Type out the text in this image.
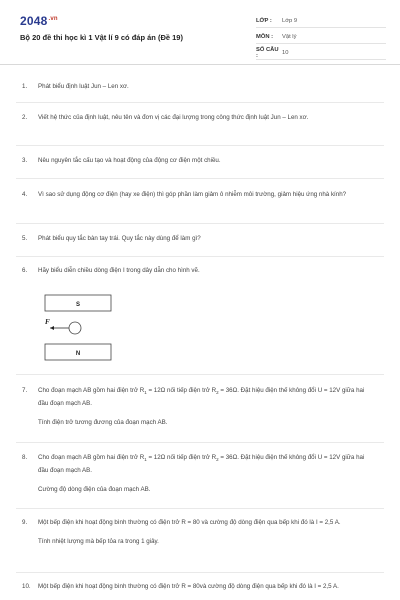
$2048^{.vn}$
Bộ 20 đề thi học kì 1 Vật lí 9 có đáp án (Đề 19)
LỚP :	Lớp 9
MÔN :	Vật lý
SỐ CÂU :	10
1.	Phát biểu định luật Jun – Len xơ.

2.	Viết hệ thức của định luật, nêu tên và đơn vị các đại lượng trong công thức định luật Jun – Len xơ.

3.	Nêu nguyên tắc cấu tạo và hoạt động của động cơ điện một chiều.

4.	Vì sao sử dụng động cơ điện (hay xe điện) thì góp phần làm giảm ô nhiễm môi trường, giảm hiệu ứng nhà kính?

5.	Phát biểu quy tắc bàn tay trái. Quy tắc này dùng để làm gì?

6.	Hãy biểu diễn chiều dòng điện I trong dây dẫn cho hình vẽ.

S
F
N
7.	Cho đoạn mạch AB gồm hai điện trở $R_1 = 12\Omega$ nối tiếp điện trở $R_2 = 36\Omega$. Đặt hiệu điện thế không đổi U = 12V giữa hai đầu đoạn mạch AB.

Tính điện trở tương đương của đoạn mạch AB.

8.	Cho đoạn mạch AB gồm hai điện trở $R_1 = 12\Omega$ nối tiếp điện trở $R_2 = 36\Omega$. Đặt hiệu điện thế không đổi U = 12V giữa hai đầu đoạn mạch AB.

Cường độ dòng điện của đoạn mạch AB.

9.	Một bếp điện khi hoạt động bình thường có điện trở R = 80 và cường độ dòng điện qua bếp khi đó là I = 2,5 A.

Tính nhiệt lượng mà bếp tỏa ra trong 1 giây.

10.	Một bếp điện khi hoạt động bình thường có điện trở R = 80và cường độ dòng điện qua bếp khi đó là I = 2,5 A.
